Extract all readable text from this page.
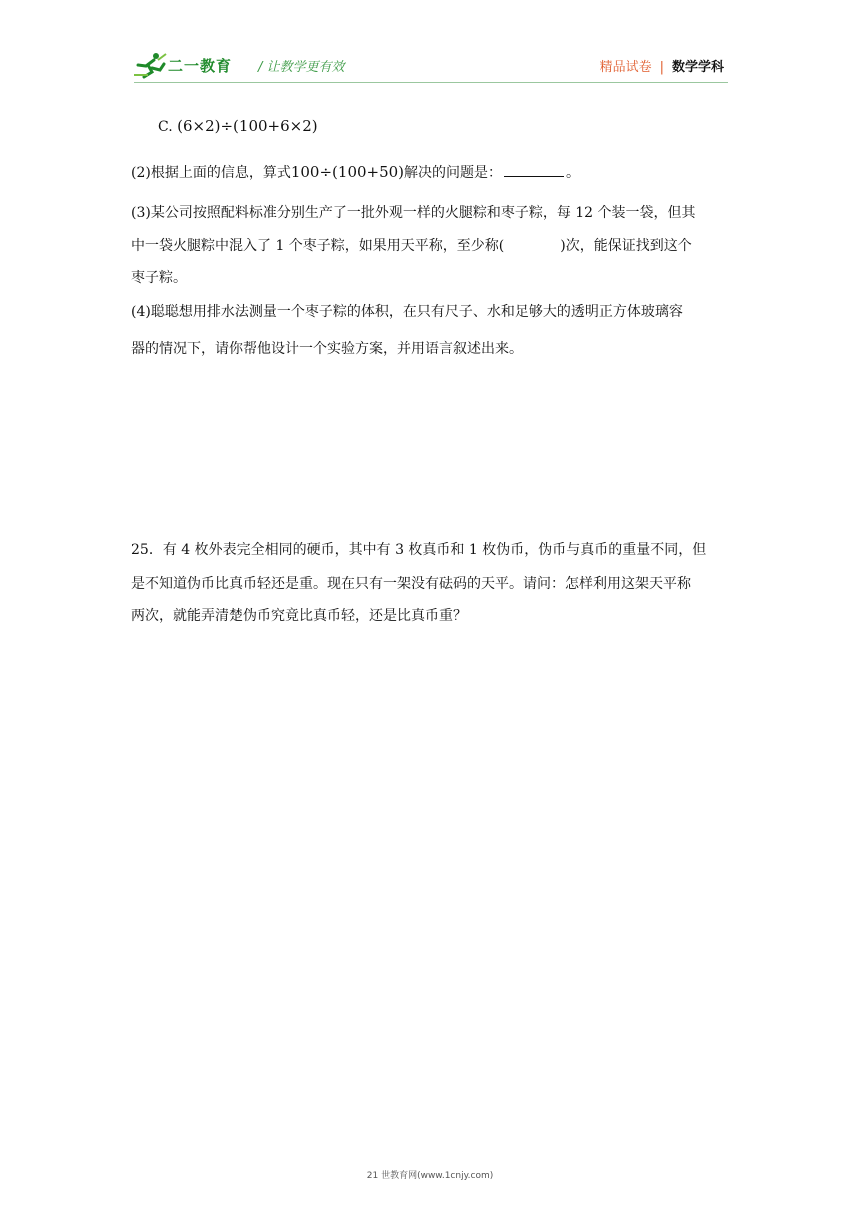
二一教育 / 让教学更有效	精品试卷 | 数学学科
C. (6×2)÷(100+6×2)
(2)根据上面的信息，算式100÷(100+50)解决的问题是：	。
(3)某公司按照配料标准分别生产了一批外观一样的火腿粽和枣子粽，每 12 个装一袋，但其
中一袋火腿粽中混入了 1 个枣子粽，如果用天平称，至少称(	)次，能保证找到这个
枣子粽。
(4)聪聪想用排水法测量一个枣子粽的体积，在只有尺子、水和足够大的透明正方体玻璃容
器的情况下，请你帮他设计一个实验方案，并用语言叙述出来。
25．有 4 枚外表完全相同的硬币，其中有 3 枚真币和 1 枚伪币，伪币与真币的重量不同，但
是不知道伪币比真币轻还是重。现在只有一架没有砝码的天平。请问：怎样利用这架天平称
两次，就能弄清楚伪币究竟比真币轻，还是比真币重？
21 世教育网(www.1cnjy.com)
